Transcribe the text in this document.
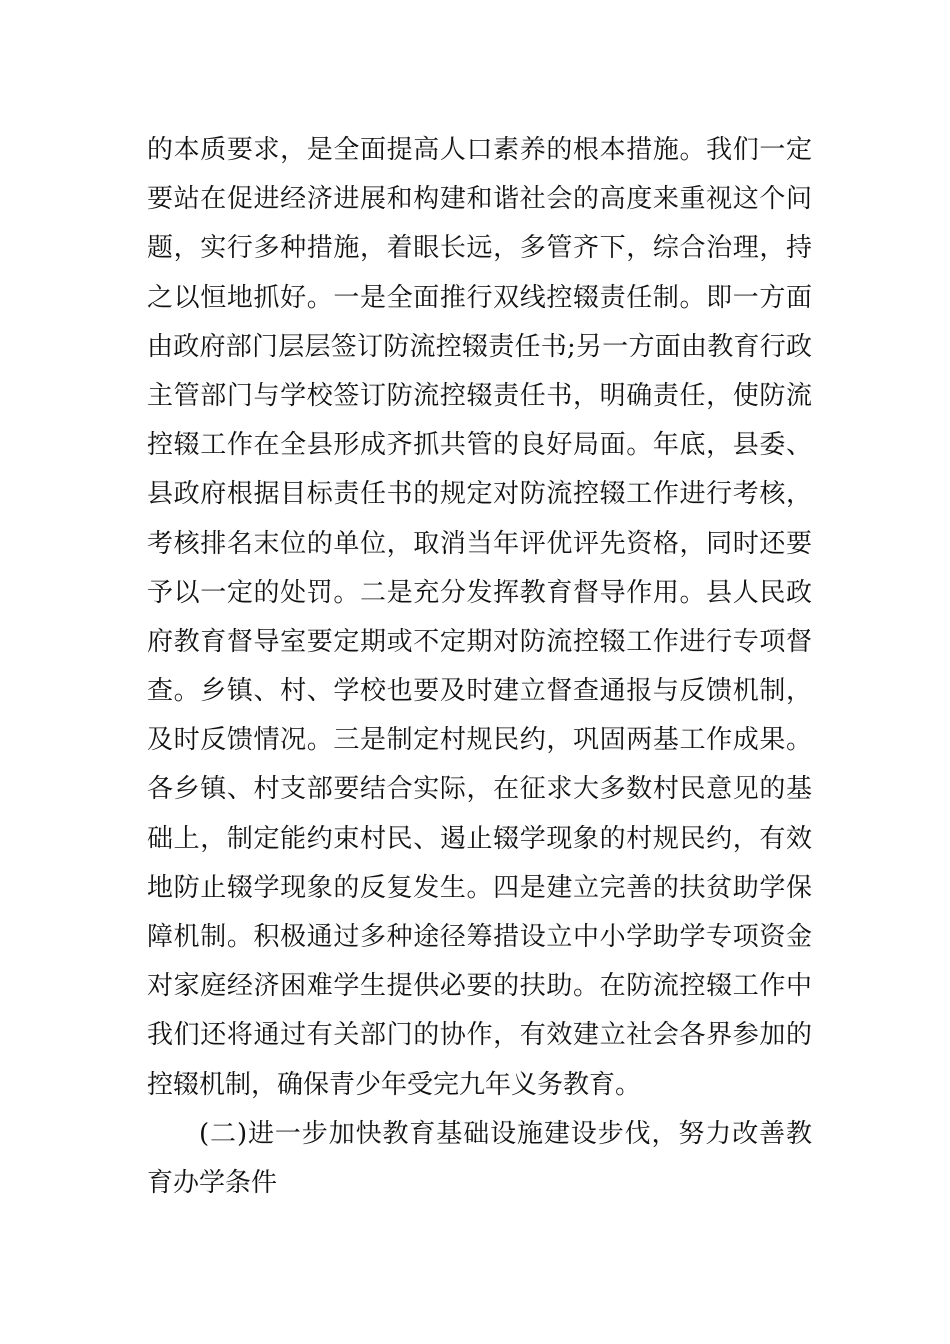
的本质要求，是全面提高人口素养的根本措施。我们一定
要站在促进经济进展和构建和谐社会的高度来重视这个问
题，实行多种措施，着眼长远，多管齐下，综合治理，持
之以恒地抓好。一是全面推行双线控辍责任制。即一方面
由政府部门层层签订防流控辍责任书;另一方面由教育行政
主管部门与学校签订防流控辍责任书，明确责任，使防流
控辍工作在全县形成齐抓共管的良好局面。年底，县委、
县政府根据目标责任书的规定对防流控辍工作进行考核，
考核排名末位的单位，取消当年评优评先资格，同时还要
予以一定的处罚。二是充分发挥教育督导作用。县人民政
府教育督导室要定期或不定期对防流控辍工作进行专项督
查。乡镇、村、学校也要及时建立督查通报与反馈机制，
及时反馈情况。三是制定村规民约，巩固两基工作成果。
各乡镇、村支部要结合实际，在征求大多数村民意见的基
础上，制定能约束村民、遏止辍学现象的村规民约，有效
地防止辍学现象的反复发生。四是建立完善的扶贫助学保
障机制。积极通过多种途径筹措设立中小学助学专项资金
对家庭经济困难学生提供必要的扶助。在防流控辍工作中
我们还将通过有关部门的协作，有效建立社会各界参加的
控辍机制，确保青少年受完九年义务教育。
(二)进一步加快教育基础设施建设步伐，努力改善教
育办学条件
